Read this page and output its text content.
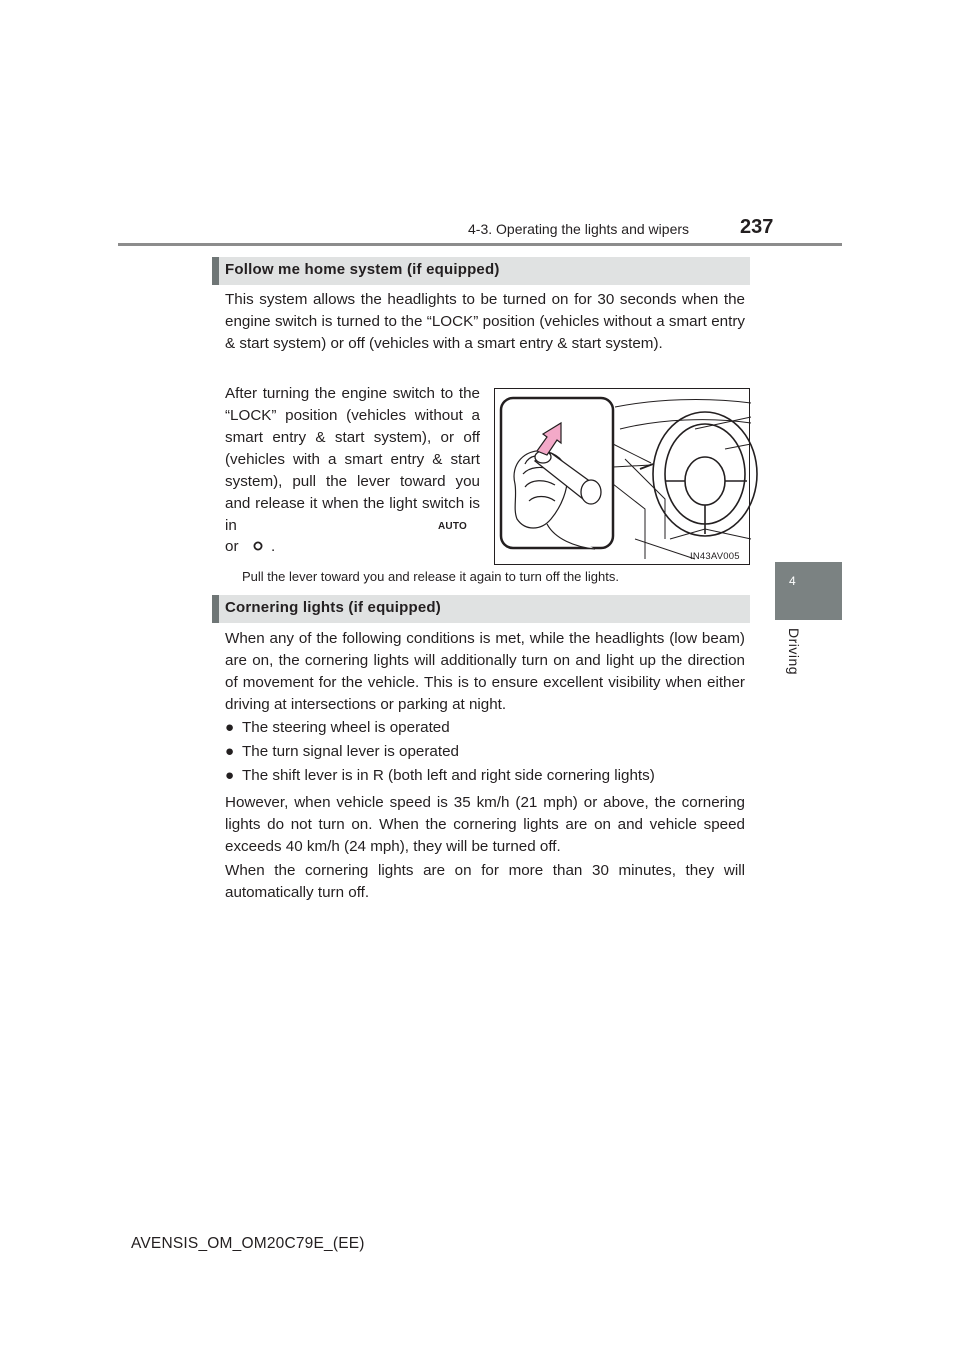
4-3. Operating the lights and wipers	237
4
Driving
Follow me home system (if equipped)

This system allows the headlights to be turned on for 30 seconds when the engine switch is turned to the “LOCK” position (vehicles without a smart entry & start system) or off (vehicles with a smart entry & start system).

After turning the engine switch to the “LOCK” position (vehicles without a smart entry & start system), or off (vehicles with a smart entry & start system), pull the lever toward you and release it when the light switch is in	AUTO
or .
IN43AV005
Pull the lever toward you and release it again to turn off the lights.
Cornering lights (if equipped)

When any of the following conditions is met, while the headlights (low beam) are on, the cornering lights will additionally turn on and light up the direction of movement for the vehicle. This is to ensure excellent visibility when either driving at intersections or parking at night.

● The steering wheel is operated
● The turn signal lever is operated
● The shift lever is in R (both left and right side cornering lights)

However, when vehicle speed is 35 km/h (21 mph) or above, the cornering lights do not turn on. When the cornering lights are on and vehicle speed exceeds 40 km/h (24 mph), they will be turned off.

When the cornering lights are on for more than 30 minutes, they will automatically turn off.

AVENSIS_OM_OM20C79E_(EE)
